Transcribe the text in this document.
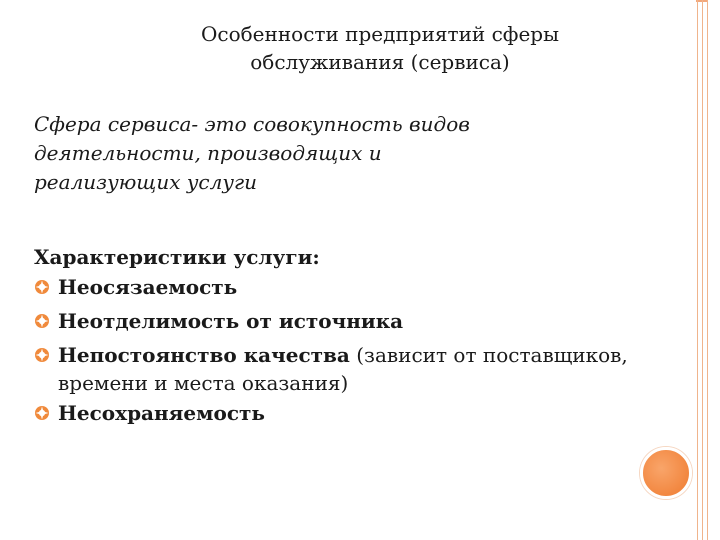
Особенности предприятий сферы
обслуживания (сервиса)
Сфера сервиса- это совокупность видов
деятельности, производящих и
реализующих услуги
Характеристики услуги:
Неосязаемость
Неотделимость от источника
Непостоянство качества (зависит от поставщиков, времени и места оказания)
Несохраняемость
